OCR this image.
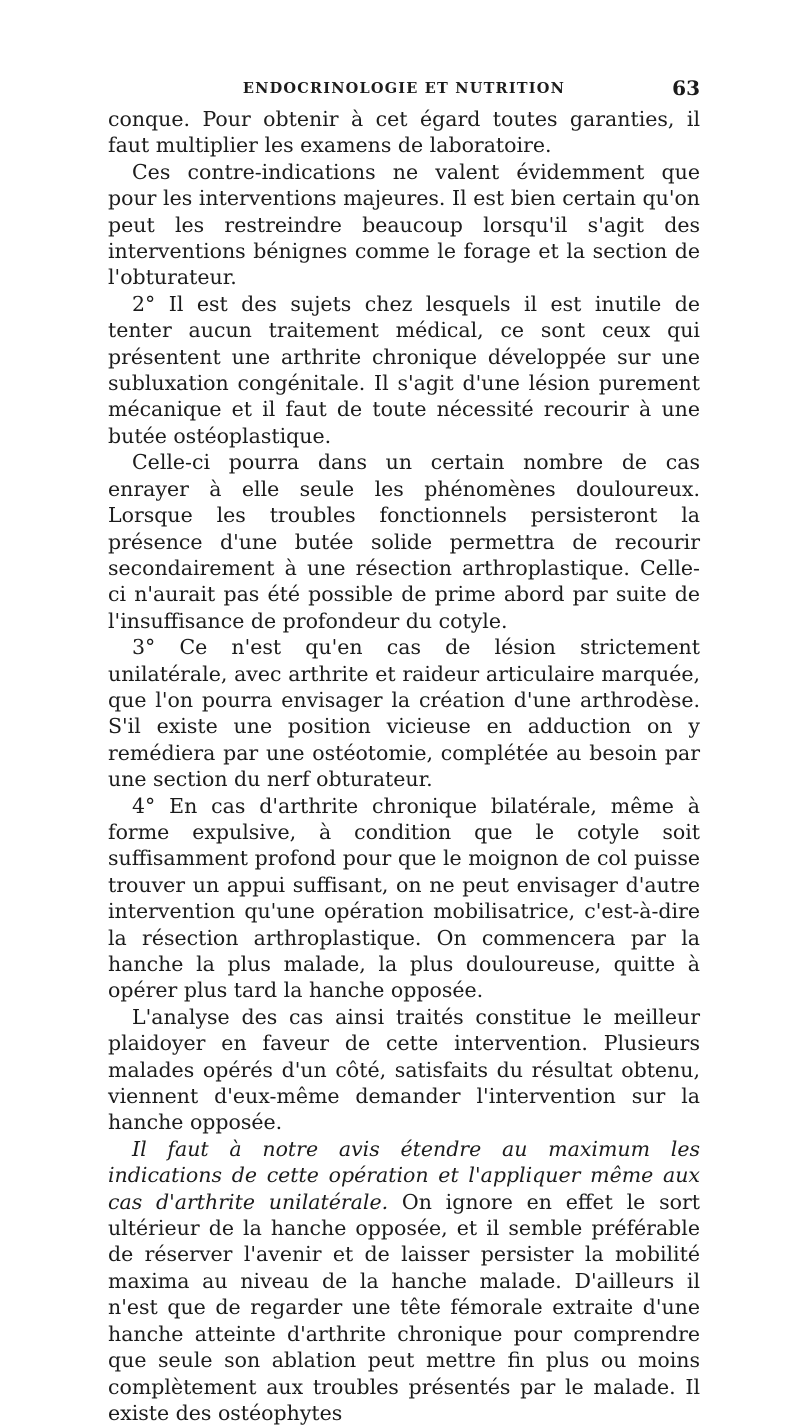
ENDOCRINOLOGIE ET NUTRITION	63

conque. Pour obtenir à cet égard toutes garanties, il faut multiplier les examens de laboratoire.

Ces contre-indications ne valent évidemment que pour les interventions majeures. Il est bien certain qu'on peut les restreindre beaucoup lorsqu'il s'agit des interventions bénignes comme le forage et la section de l'obturateur.

2° Il est des sujets chez lesquels il est inutile de tenter aucun traitement médical, ce sont ceux qui présentent une arthrite chronique développée sur une subluxation congénitale. Il s'agit d'une lésion purement mécanique et il faut de toute nécessité recourir à une butée ostéoplastique.

Celle-ci pourra dans un certain nombre de cas enrayer à elle seule les phénomènes douloureux. Lorsque les troubles fonctionnels persisteront la présence d'une butée solide permettra de recourir secondairement à une résection arthroplastique. Celle-ci n'aurait pas été possible de prime abord par suite de l'insuffisance de profondeur du cotyle.

3° Ce n'est qu'en cas de lésion strictement unilatérale, avec arthrite et raideur articulaire marquée, que l'on pourra envisager la création d'une arthrodèse. S'il existe une position vicieuse en adduction on y remédiera par une ostéotomie, complétée au besoin par une section du nerf obturateur.

4° En cas d'arthrite chronique bilatérale, même à forme expulsive, à condition que le cotyle soit suffisamment profond pour que le moignon de col puisse trouver un appui suffisant, on ne peut envisager d'autre intervention qu'une opération mobilisatrice, c'est-à-dire la résection arthroplastique. On commencera par la hanche la plus malade, la plus douloureuse, quitte à opérer plus tard la hanche opposée.

L'analyse des cas ainsi traités constitue le meilleur plaidoyer en faveur de cette intervention. Plusieurs malades opérés d'un côté, satisfaits du résultat obtenu, viennent d'eux-même demander l'intervention sur la hanche opposée.

Il faut à notre avis étendre au maximum les indications de cette opération et l'appliquer même aux cas d'arthrite unilatérale. On ignore en effet le sort ultérieur de la hanche opposée, et il semble préférable de réserver l'avenir et de laisser persister la mobilité maxima au niveau de la hanche malade. D'ailleurs il n'est que de regarder une tête fémorale extraite d'une hanche atteinte d'arthrite chronique pour comprendre que seule son ablation peut mettre fin plus ou moins complètement aux troubles présentés par le malade. Il existe des ostéophytes
